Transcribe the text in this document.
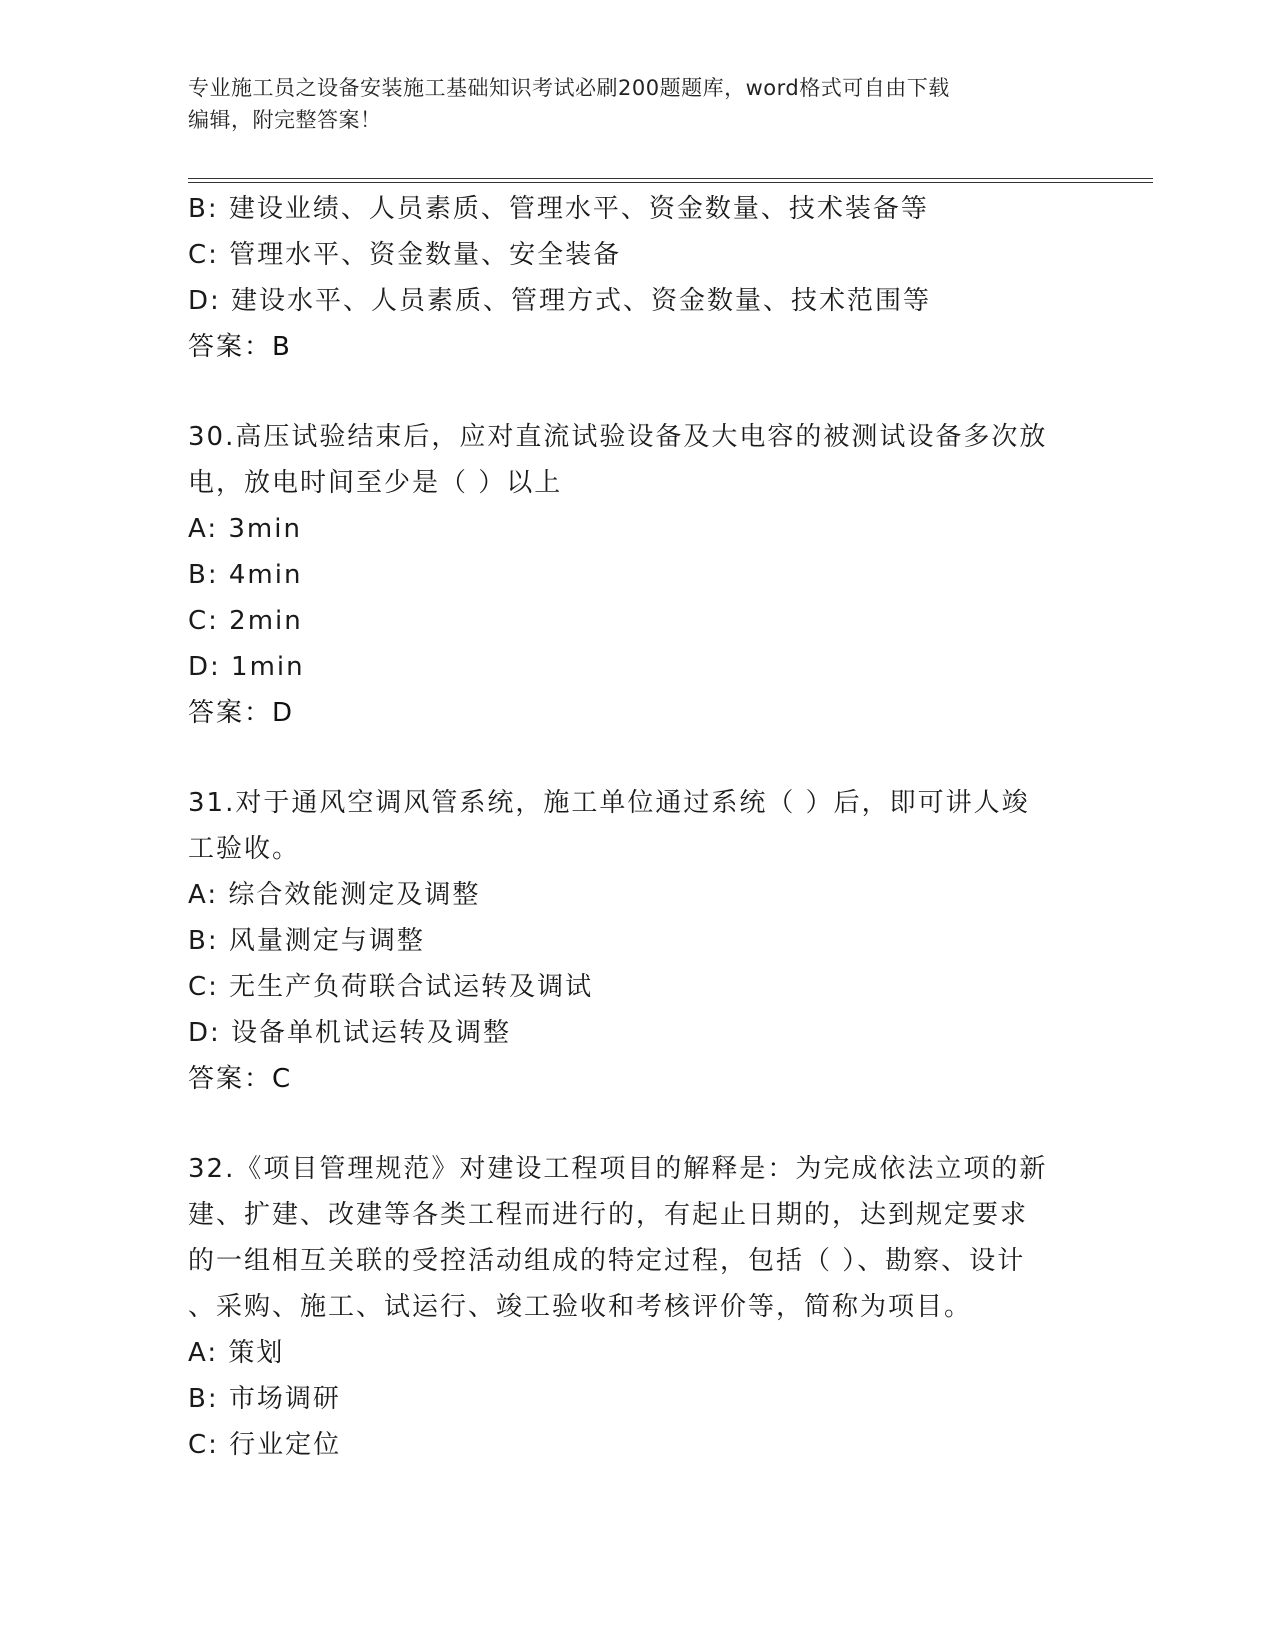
专业施工员之设备安装施工基础知识考试必刷200题题库，word格式可自由下载
编辑，附完整答案！
B: 建设业绩、人员素质、管理水平、资金数量、技术装备等
C: 管理水平、资金数量、安全装备
D: 建设水平、人员素质、管理方式、资金数量、技术范围等
答案：B
30.高压试验结束后，应对直流试验设备及大电容的被测试设备多次放
电，放电时间至少是（ ）以上
A: 3min
B: 4min
C: 2min
D: 1min
答案：D
31.对于通风空调风管系统，施工单位通过系统（ ）后，即可讲人竣
工验收。
A: 综合效能测定及调整
B: 风量测定与调整
C: 无生产负荷联合试运转及调试
D: 设备单机试运转及调整
答案：C
32.《项目管理规范》对建设工程项目的解释是：为完成依法立项的新
建、扩建、改建等各类工程而进行的，有起止日期的，达到规定要求
的一组相互关联的受控活动组成的特定过程，包括（ ）、勘察、设计
、采购、施工、试运行、竣工验收和考核评价等，简称为项目。
A: 策划
B: 市场调研
C: 行业定位
